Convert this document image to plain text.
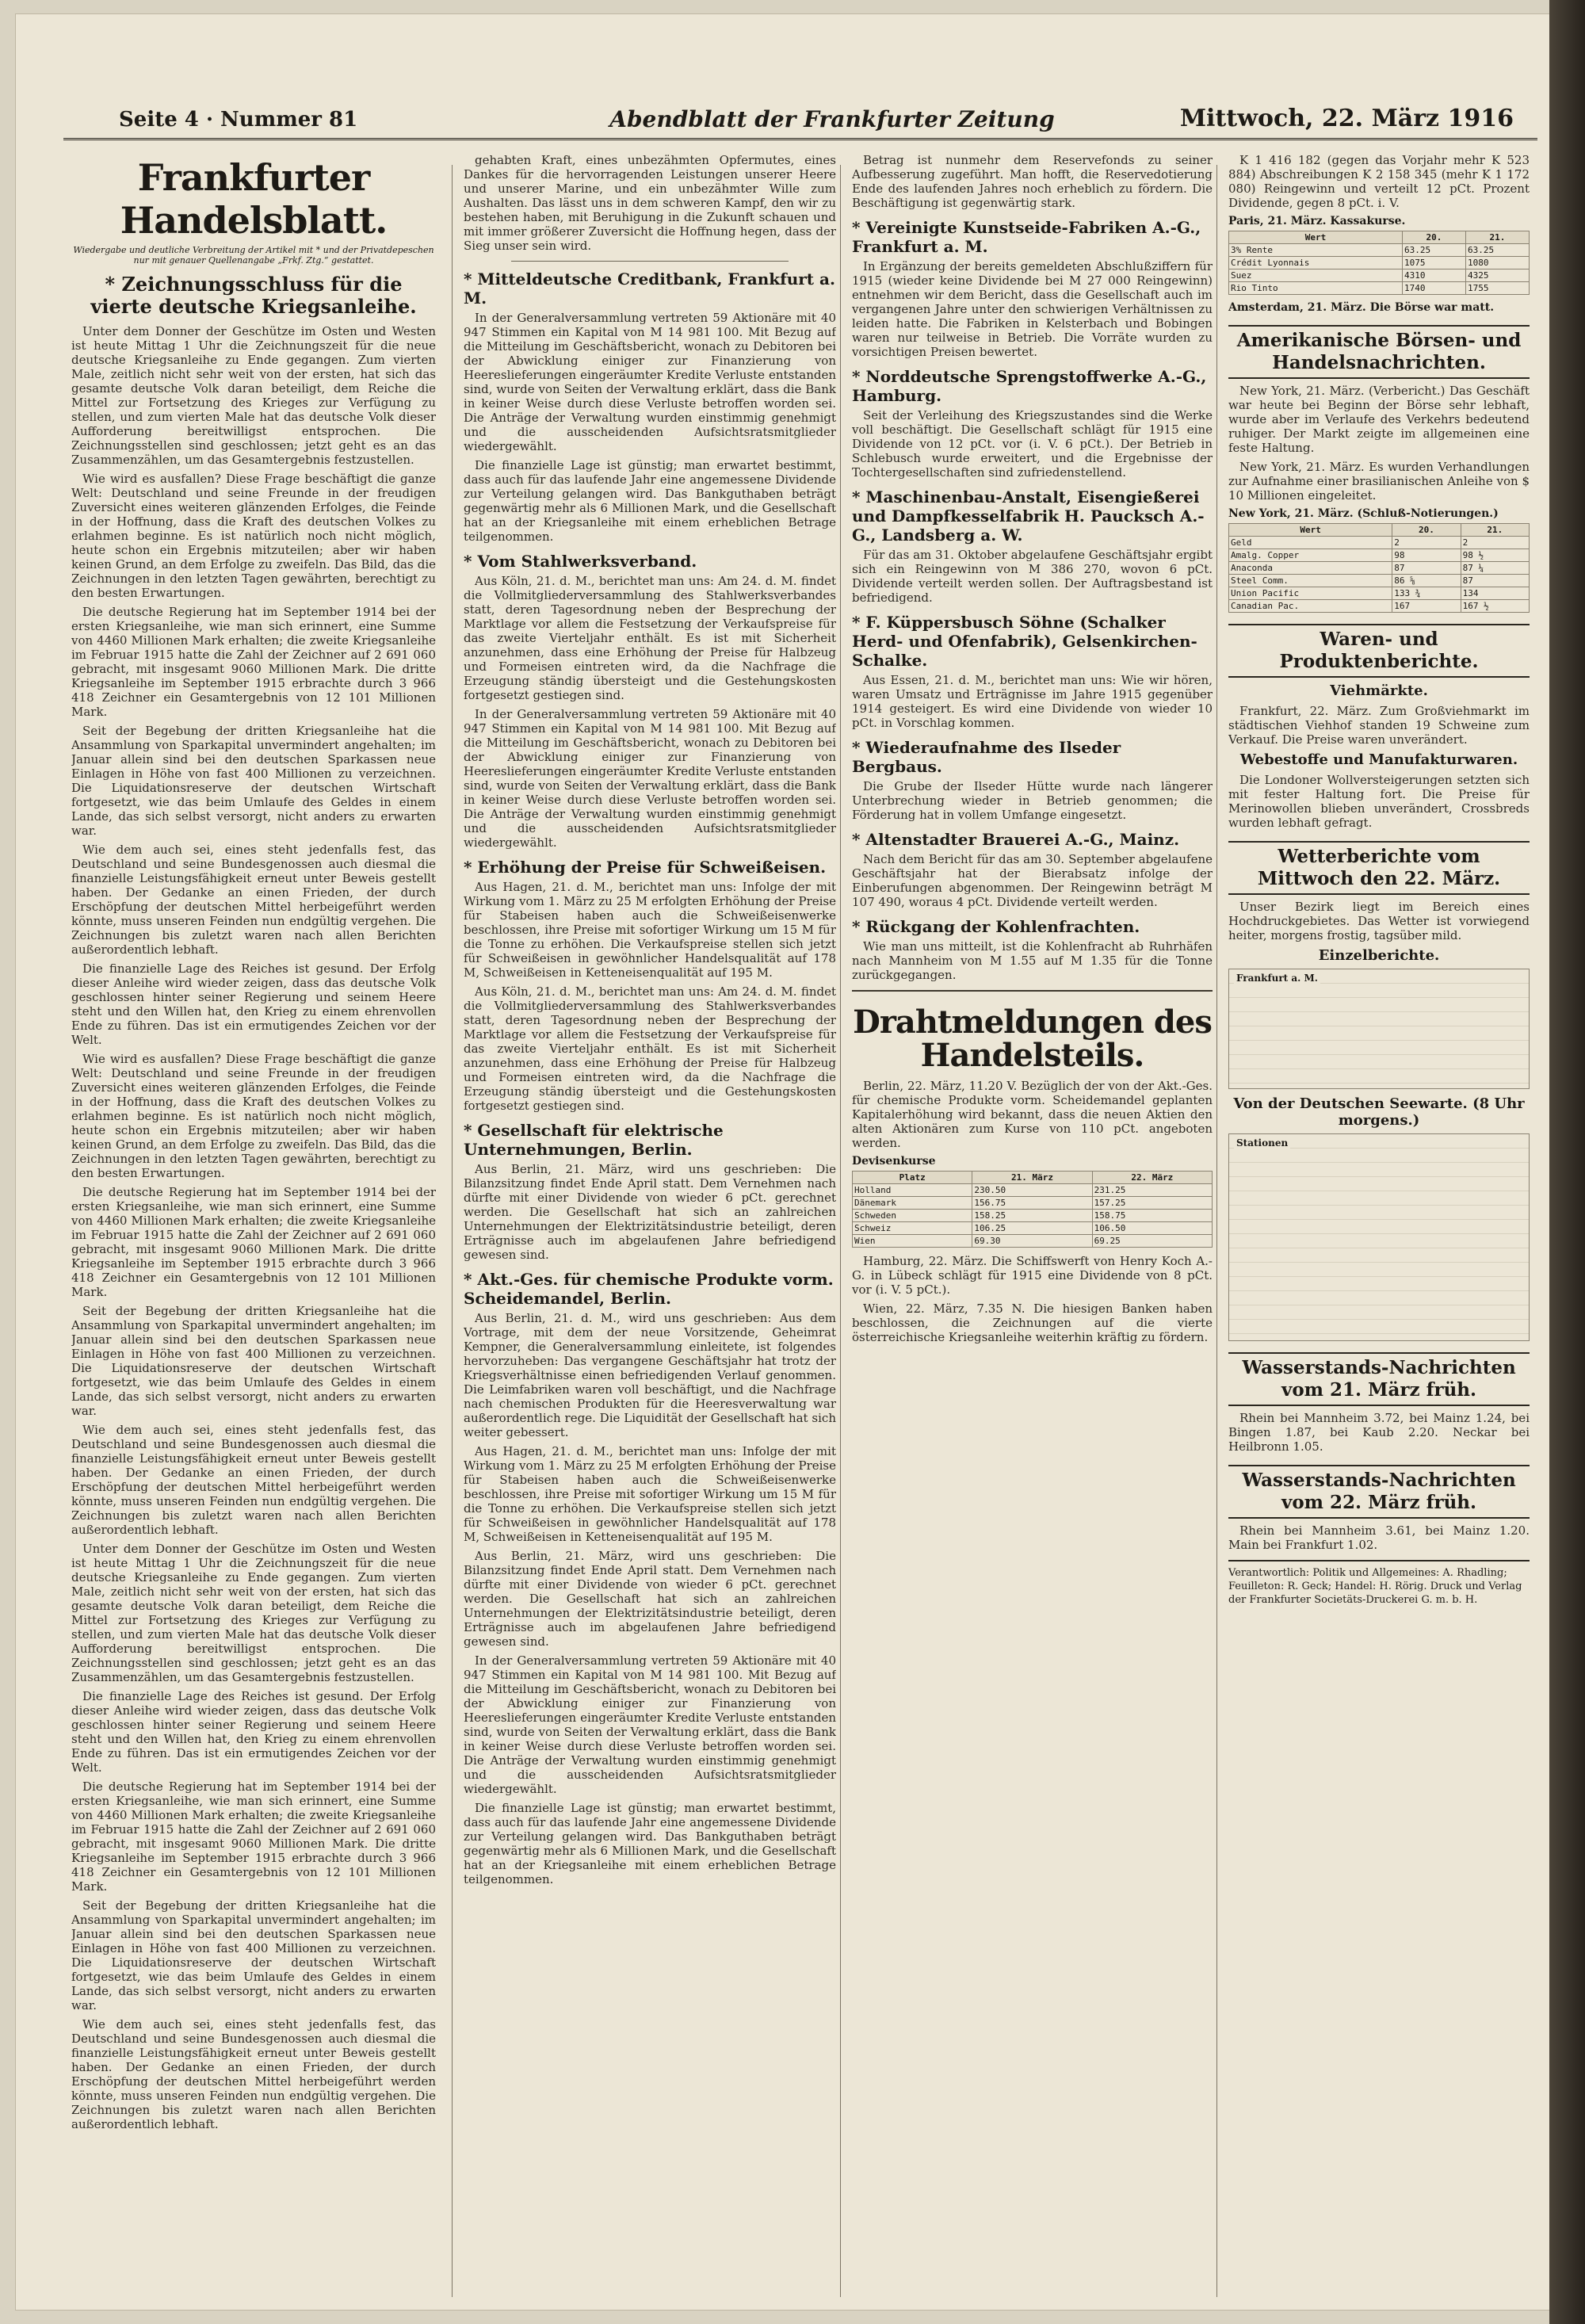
Seite 4 · Nummer 81	Abendblatt der Frankfurter Zeitung	Mittwoch, 22. März 1916
Frankfurter Handelsblatt.
Wiedergabe und deutliche Verbreitung der Artikel mit * und der Privatdepeschen nur mit genauer Quellenangabe „Frkf. Ztg.“ gestattet.
* Zeichnungsschluss für die vierte deutsche Kriegsanleihe.

Unter dem Donner der Geschütze im Osten und Westen ist heute Mittag 1 Uhr die Zeichnungszeit für die neue deutsche Kriegsanleihe zu Ende gegangen. Zum vierten Male, zeitlich nicht sehr weit von der ersten, hat sich das gesamte deutsche Volk daran beteiligt, dem Reiche die Mittel zur Fortsetzung des Krieges zur Verfügung zu stellen, und zum vierten Male hat das deutsche Volk dieser Aufforderung bereitwilligst entsprochen. Die Zeichnungsstellen sind geschlossen; jetzt geht es an das Zusammenzählen, um das Gesamtergebnis festzustellen.

Wie wird es ausfallen? Diese Frage beschäftigt die ganze Welt: Deutschland und seine Freunde in der freudigen Zuversicht eines weiteren glänzenden Erfolges, die Feinde in der Hoffnung, dass die Kraft des deutschen Volkes zu erlahmen beginne. Es ist natürlich noch nicht möglich, heute schon ein Ergebnis mitzuteilen; aber wir haben keinen Grund, an dem Erfolge zu zweifeln. Das Bild, das die Zeichnungen in den letzten Tagen gewährten, berechtigt zu den besten Erwartungen.

Die deutsche Regierung hat im September 1914 bei der ersten Kriegsanleihe, wie man sich erinnert, eine Summe von 4460 Millionen Mark erhalten; die zweite Kriegsanleihe im Februar 1915 hatte die Zahl der Zeichner auf 2 691 060 gebracht, mit insgesamt 9060 Millionen Mark. Die dritte Kriegsanleihe im September 1915 erbrachte durch 3 966 418 Zeichner ein Gesamtergebnis von 12 101 Millionen Mark.

Seit der Begebung der dritten Kriegsanleihe hat die Ansammlung von Sparkapital unvermindert angehalten; im Januar allein sind bei den deutschen Sparkassen neue Einlagen in Höhe von fast 400 Millionen zu verzeichnen. Die Liquidationsreserve der deutschen Wirtschaft fortgesetzt, wie das beim Umlaufe des Geldes in einem Lande, das sich selbst versorgt, nicht anders zu erwarten war.

Wie dem auch sei, eines steht jedenfalls fest, das Deutschland und seine Bundesgenossen auch diesmal die finanzielle Leistungsfähigkeit erneut unter Beweis gestellt haben. Der Gedanke an einen Frieden, der durch Erschöpfung der deutschen Mittel herbeigeführt werden könnte, muss unseren Feinden nun endgültig vergehen. Die Zeichnungen bis zuletzt waren nach allen Berichten außerordentlich lebhaft.

Die finanzielle Lage des Reiches ist gesund. Der Erfolg dieser Anleihe wird wieder zeigen, dass das deutsche Volk geschlossen hinter seiner Regierung und seinem Heere steht und den Willen hat, den Krieg zu einem ehrenvollen Ende zu führen. Das ist ein ermutigendes Zeichen vor der Welt.

Wie wird es ausfallen? Diese Frage beschäftigt die ganze Welt: Deutschland und seine Freunde in der freudigen Zuversicht eines weiteren glänzenden Erfolges, die Feinde in der Hoffnung, dass die Kraft des deutschen Volkes zu erlahmen beginne. Es ist natürlich noch nicht möglich, heute schon ein Ergebnis mitzuteilen; aber wir haben keinen Grund, an dem Erfolge zu zweifeln. Das Bild, das die Zeichnungen in den letzten Tagen gewährten, berechtigt zu den besten Erwartungen.

Die deutsche Regierung hat im September 1914 bei der ersten Kriegsanleihe, wie man sich erinnert, eine Summe von 4460 Millionen Mark erhalten; die zweite Kriegsanleihe im Februar 1915 hatte die Zahl der Zeichner auf 2 691 060 gebracht, mit insgesamt 9060 Millionen Mark. Die dritte Kriegsanleihe im September 1915 erbrachte durch 3 966 418 Zeichner ein Gesamtergebnis von 12 101 Millionen Mark.

Seit der Begebung der dritten Kriegsanleihe hat die Ansammlung von Sparkapital unvermindert angehalten; im Januar allein sind bei den deutschen Sparkassen neue Einlagen in Höhe von fast 400 Millionen zu verzeichnen. Die Liquidationsreserve der deutschen Wirtschaft fortgesetzt, wie das beim Umlaufe des Geldes in einem Lande, das sich selbst versorgt, nicht anders zu erwarten war.

Wie dem auch sei, eines steht jedenfalls fest, das Deutschland und seine Bundesgenossen auch diesmal die finanzielle Leistungsfähigkeit erneut unter Beweis gestellt haben. Der Gedanke an einen Frieden, der durch Erschöpfung der deutschen Mittel herbeigeführt werden könnte, muss unseren Feinden nun endgültig vergehen. Die Zeichnungen bis zuletzt waren nach allen Berichten außerordentlich lebhaft.

Unter dem Donner der Geschütze im Osten und Westen ist heute Mittag 1 Uhr die Zeichnungszeit für die neue deutsche Kriegsanleihe zu Ende gegangen. Zum vierten Male, zeitlich nicht sehr weit von der ersten, hat sich das gesamte deutsche Volk daran beteiligt, dem Reiche die Mittel zur Fortsetzung des Krieges zur Verfügung zu stellen, und zum vierten Male hat das deutsche Volk dieser Aufforderung bereitwilligst entsprochen. Die Zeichnungsstellen sind geschlossen; jetzt geht es an das Zusammenzählen, um das Gesamtergebnis festzustellen.

Die finanzielle Lage des Reiches ist gesund. Der Erfolg dieser Anleihe wird wieder zeigen, dass das deutsche Volk geschlossen hinter seiner Regierung und seinem Heere steht und den Willen hat, den Krieg zu einem ehrenvollen Ende zu führen. Das ist ein ermutigendes Zeichen vor der Welt.

Die deutsche Regierung hat im September 1914 bei der ersten Kriegsanleihe, wie man sich erinnert, eine Summe von 4460 Millionen Mark erhalten; die zweite Kriegsanleihe im Februar 1915 hatte die Zahl der Zeichner auf 2 691 060 gebracht, mit insgesamt 9060 Millionen Mark. Die dritte Kriegsanleihe im September 1915 erbrachte durch 3 966 418 Zeichner ein Gesamtergebnis von 12 101 Millionen Mark.

Seit der Begebung der dritten Kriegsanleihe hat die Ansammlung von Sparkapital unvermindert angehalten; im Januar allein sind bei den deutschen Sparkassen neue Einlagen in Höhe von fast 400 Millionen zu verzeichnen. Die Liquidationsreserve der deutschen Wirtschaft fortgesetzt, wie das beim Umlaufe des Geldes in einem Lande, das sich selbst versorgt, nicht anders zu erwarten war.

Wie dem auch sei, eines steht jedenfalls fest, das Deutschland und seine Bundesgenossen auch diesmal die finanzielle Leistungsfähigkeit erneut unter Beweis gestellt haben. Der Gedanke an einen Frieden, der durch Erschöpfung der deutschen Mittel herbeigeführt werden könnte, muss unseren Feinden nun endgültig vergehen. Die Zeichnungen bis zuletzt waren nach allen Berichten außerordentlich lebhaft.

gehabten Kraft, eines unbezähmten Opfermutes, eines Dankes für die hervorragenden Leistungen unserer Heere und unserer Marine, und ein unbezähmter Wille zum Aushalten. Das lässt uns in dem schweren Kampf, den wir zu bestehen haben, mit Beruhigung in die Zukunft schauen und mit immer größerer Zuversicht die Hoffnung hegen, dass der Sieg unser sein wird.

* Mitteldeutsche Creditbank, Frankfurt a. M.

In der Generalversammlung vertreten 59 Aktionäre mit 40 947 Stimmen ein Kapital von M 14 981 100. Mit Bezug auf die Mitteilung im Geschäftsbericht, wonach zu Debitoren bei der Abwicklung einiger zur Finanzierung von Heereslieferungen eingeräumter Kredite Verluste entstanden sind, wurde von Seiten der Verwaltung erklärt, dass die Bank in keiner Weise durch diese Verluste betroffen worden sei. Die Anträge der Verwaltung wurden einstimmig genehmigt und die ausscheidenden Aufsichtsratsmitglieder wiedergewählt.

Die finanzielle Lage ist günstig; man erwartet bestimmt, dass auch für das laufende Jahr eine angemessene Dividende zur Verteilung gelangen wird. Das Bankguthaben beträgt gegenwärtig mehr als 6 Millionen Mark, und die Gesellschaft hat an der Kriegsanleihe mit einem erheblichen Betrage teilgenommen.

* Vom Stahlwerksverband.

Aus Köln, 21. d. M., berichtet man uns: Am 24. d. M. findet die Vollmitgliederversammlung des Stahlwerksverbandes statt, deren Tagesordnung neben der Besprechung der Marktlage vor allem die Festsetzung der Verkaufspreise für das zweite Vierteljahr enthält. Es ist mit Sicherheit anzunehmen, dass eine Erhöhung der Preise für Halbzeug und Formeisen eintreten wird, da die Nachfrage die Erzeugung ständig übersteigt und die Gestehungskosten fortgesetzt gestiegen sind.

In der Generalversammlung vertreten 59 Aktionäre mit 40 947 Stimmen ein Kapital von M 14 981 100. Mit Bezug auf die Mitteilung im Geschäftsbericht, wonach zu Debitoren bei der Abwicklung einiger zur Finanzierung von Heereslieferungen eingeräumter Kredite Verluste entstanden sind, wurde von Seiten der Verwaltung erklärt, dass die Bank in keiner Weise durch diese Verluste betroffen worden sei. Die Anträge der Verwaltung wurden einstimmig genehmigt und die ausscheidenden Aufsichtsratsmitglieder wiedergewählt.

* Erhöhung der Preise für Schweißeisen.

Aus Hagen, 21. d. M., berichtet man uns: Infolge der mit Wirkung vom 1. März zu 25 M erfolgten Erhöhung der Preise für Stabeisen haben auch die Schweißeisenwerke beschlossen, ihre Preise mit sofortiger Wirkung um 15 M für die Tonne zu erhöhen. Die Verkaufspreise stellen sich jetzt für Schweißeisen in gewöhnlicher Handelsqualität auf 178 M, Schweißeisen in Ketteneisenqualität auf 195 M.

Aus Köln, 21. d. M., berichtet man uns: Am 24. d. M. findet die Vollmitgliederversammlung des Stahlwerksverbandes statt, deren Tagesordnung neben der Besprechung der Marktlage vor allem die Festsetzung der Verkaufspreise für das zweite Vierteljahr enthält. Es ist mit Sicherheit anzunehmen, dass eine Erhöhung der Preise für Halbzeug und Formeisen eintreten wird, da die Nachfrage die Erzeugung ständig übersteigt und die Gestehungskosten fortgesetzt gestiegen sind.

* Gesellschaft für elektrische Unternehmungen, Berlin.

Aus Berlin, 21. März, wird uns geschrieben: Die Bilanzsitzung findet Ende April statt. Dem Vernehmen nach dürfte mit einer Dividende von wieder 6 pCt. gerechnet werden. Die Gesellschaft hat sich an zahlreichen Unternehmungen der Elektrizitätsindustrie beteiligt, deren Erträgnisse auch im abgelaufenen Jahre befriedigend gewesen sind.

* Akt.-Ges. für chemische Produkte vorm. Scheidemandel, Berlin.

Aus Berlin, 21. d. M., wird uns geschrieben: Aus dem Vortrage, mit dem der neue Vorsitzende, Geheimrat Kempner, die Generalversammlung einleitete, ist folgendes hervorzuheben: Das vergangene Geschäftsjahr hat trotz der Kriegsverhältnisse einen befriedigenden Verlauf genommen. Die Leimfabriken waren voll beschäftigt, und die Nachfrage nach chemischen Produkten für die Heeresverwaltung war außerordentlich rege. Die Liquidität der Gesellschaft hat sich weiter gebessert.

Aus Hagen, 21. d. M., berichtet man uns: Infolge der mit Wirkung vom 1. März zu 25 M erfolgten Erhöhung der Preise für Stabeisen haben auch die Schweißeisenwerke beschlossen, ihre Preise mit sofortiger Wirkung um 15 M für die Tonne zu erhöhen. Die Verkaufspreise stellen sich jetzt für Schweißeisen in gewöhnlicher Handelsqualität auf 178 M, Schweißeisen in Ketteneisenqualität auf 195 M.

Aus Berlin, 21. März, wird uns geschrieben: Die Bilanzsitzung findet Ende April statt. Dem Vernehmen nach dürfte mit einer Dividende von wieder 6 pCt. gerechnet werden. Die Gesellschaft hat sich an zahlreichen Unternehmungen der Elektrizitätsindustrie beteiligt, deren Erträgnisse auch im abgelaufenen Jahre befriedigend gewesen sind.

In der Generalversammlung vertreten 59 Aktionäre mit 40 947 Stimmen ein Kapital von M 14 981 100. Mit Bezug auf die Mitteilung im Geschäftsbericht, wonach zu Debitoren bei der Abwicklung einiger zur Finanzierung von Heereslieferungen eingeräumter Kredite Verluste entstanden sind, wurde von Seiten der Verwaltung erklärt, dass die Bank in keiner Weise durch diese Verluste betroffen worden sei. Die Anträge der Verwaltung wurden einstimmig genehmigt und die ausscheidenden Aufsichtsratsmitglieder wiedergewählt.

Die finanzielle Lage ist günstig; man erwartet bestimmt, dass auch für das laufende Jahr eine angemessene Dividende zur Verteilung gelangen wird. Das Bankguthaben beträgt gegenwärtig mehr als 6 Millionen Mark, und die Gesellschaft hat an der Kriegsanleihe mit einem erheblichen Betrage teilgenommen.

Betrag ist nunmehr dem Reservefonds zu seiner Aufbesserung zugeführt. Man hofft, die Reservedotierung Ende des laufenden Jahres noch erheblich zu fördern. Die Beschäftigung ist gegenwärtig stark.

* Vereinigte Kunstseide-Fabriken A.-G., Frankfurt a. M.

In Ergänzung der bereits gemeldeten Abschlußziffern für 1915 (wieder keine Dividende bei M 27 000 Reingewinn) entnehmen wir dem Bericht, dass die Gesellschaft auch im vergangenen Jahre unter den schwierigen Verhältnissen zu leiden hatte. Die Fabriken in Kelsterbach und Bobingen waren nur teilweise in Betrieb. Die Vorräte wurden zu vorsichtigen Preisen bewertet.

* Norddeutsche Sprengstoffwerke A.-G., Hamburg.

Seit der Verleihung des Kriegszustandes sind die Werke voll beschäftigt. Die Gesellschaft schlägt für 1915 eine Dividende von 12 pCt. vor (i. V. 6 pCt.). Der Betrieb in Schlebusch wurde erweitert, und die Ergebnisse der Tochtergesellschaften sind zufriedenstellend.

* Maschinenbau-Anstalt, Eisengießerei und Dampfkesselfabrik H. Paucksch A.-G., Landsberg a. W.

Für das am 31. Oktober abgelaufene Geschäftsjahr ergibt sich ein Reingewinn von M 386 270, wovon 6 pCt. Dividende verteilt werden sollen. Der Auftragsbestand ist befriedigend.

* F. Küppersbusch Söhne (Schalker Herd- und Ofenfabrik), Gelsenkirchen-Schalke.

Aus Essen, 21. d. M., berichtet man uns: Wie wir hören, waren Umsatz und Erträgnisse im Jahre 1915 gegenüber 1914 gesteigert. Es wird eine Dividende von wieder 10 pCt. in Vorschlag kommen.

* Wiederaufnahme des Ilseder Bergbaus.

Die Grube der Ilseder Hütte wurde nach längerer Unterbrechung wieder in Betrieb genommen; die Förderung hat in vollem Umfange eingesetzt.

* Altenstadter Brauerei A.-G., Mainz.

Nach dem Bericht für das am 30. September abgelaufene Geschäftsjahr hat der Bierabsatz infolge der Einberufungen abgenommen. Der Reingewinn beträgt M 107 490, woraus 4 pCt. Dividende verteilt werden.

* Rückgang der Kohlenfrachten.

Wie man uns mitteilt, ist die Kohlenfracht ab Ruhrhäfen nach Mannheim von M 1.55 auf M 1.35 für die Tonne zurückgegangen.

Drahtmeldungen des Handelsteils.

Berlin, 22. März, 11.20 V. Bezüglich der von der Akt.-Ges. für chemische Produkte vorm. Scheidemandel geplanten Kapitalerhöhung wird bekannt, dass die neuen Aktien den alten Aktionären zum Kurse von 110 pCt. angeboten werden.

Devisenkurse
Platz	21. März	22. März
Holland	230.50	231.25
Dänemark	156.75	157.25
Schweden	158.25	158.75
Schweiz	106.25	106.50
Wien	69.30	69.25

Hamburg, 22. März. Die Schiffswerft von Henry Koch A.-G. in Lübeck schlägt für 1915 eine Dividende von 8 pCt. vor (i. V. 5 pCt.).

Wien, 22. März, 7.35 N. Die hiesigen Banken haben beschlossen, die Zeichnungen auf die vierte österreichische Kriegsanleihe weiterhin kräftig zu fördern.

K 1 416 182 (gegen das Vorjahr mehr K 523 884) Abschreibungen K 2 158 345 (mehr K 1 172 080) Reingewinn und verteilt 12 pCt. Prozent Dividende, gegen 8 pCt. i. V.

Paris, 21. März. Kassakurse.
Wert	20.	21.
3% Rente	63.25	63.25
Crédit Lyonnais	1075	1080
Suez	4310	4325
Rio Tinto	1740	1755
Amsterdam, 21. März. Die Börse war matt.
Amerikanische Börsen- und Handelsnachrichten.

New York, 21. März. (Verbericht.) Das Geschäft war heute bei Beginn der Börse sehr lebhaft, wurde aber im Verlaufe des Verkehrs bedeutend ruhiger. Der Markt zeigte im allgemeinen eine feste Haltung.

New York, 21. März. Es wurden Verhandlungen zur Aufnahme einer brasilianischen Anleihe von $ 10 Millionen eingeleitet.

New York, 21. März. (Schluß-Notierungen.)
Wert	20.	21.
Geld	2	2
Amalg. Copper	98	98 ½
Anaconda	87	87 ¼
Steel Comm.	86 ⅝	87
Union Pacific	133 ¾	134
Canadian Pac.	167	167 ½
Waren- und Produktenberichte.
Viehmärkte.

Frankfurt, 22. März. Zum Großviehmarkt im städtischen Viehhof standen 19 Schweine zum Verkauf. Die Preise waren unverändert.

Webestoffe und Manufakturwaren.

Die Londoner Wollversteigerungen setzten sich mit fester Haltung fort. Die Preise für Merinowollen blieben unverändert, Crossbreds wurden lebhaft gefragt.

Wetterberichte vom Mittwoch den 22. März.

Unser Bezirk liegt im Bereich eines Hochdruckgebietes. Das Wetter ist vorwiegend heiter, morgens frostig, tagsüber mild.

Einzelberichte.
Frankfurt a. M.
Von der Deutschen Seewarte. (8 Uhr morgens.)
Stationen
Wasserstands-Nachrichten vom 21. März früh.

Rhein bei Mannheim 3.72, bei Mainz 1.24, bei Bingen 1.87, bei Kaub 2.20. Neckar bei Heilbronn 1.05.

Wasserstands-Nachrichten vom 22. März früh.

Rhein bei Mannheim 3.61, bei Mainz 1.20. Main bei Frankfurt 1.02.

Verantwortlich: Politik und Allgemeines: A. Rhadling; Feuilleton: R. Geck; Handel: H. Rörig. Druck und Verlag der Frankfurter Societäts-Druckerei G. m. b. H.
